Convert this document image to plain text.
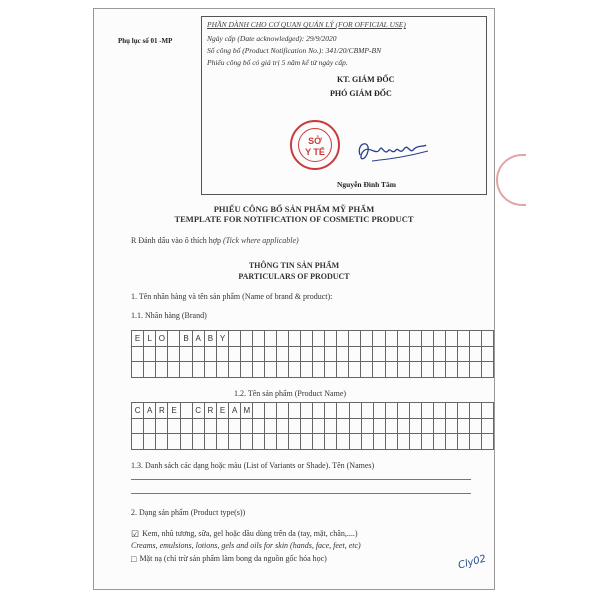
Phụ lục số 01 -MP
PHẦN DÀNH CHO CƠ QUAN QUẢN LÝ (FOR OFFICIAL USE)
Ngày cấp (Date acknowledged): 29/9/2020
Số công bố (Product Notification No.): 341/20/CBMP-BN
Phiếu công bố có giá trị 5 năm kể từ ngày cấp.
KT. GIÁM ĐỐC
PHÓ GIÁM ĐỐC
SỞ
Y TẾ
Nguyễn Đình Tâm
PHIẾU CÔNG BỐ SẢN PHẨM MỸ PHẨM
TEMPLATE FOR NOTIFICATION OF COSMETIC PRODUCT
R Đánh dấu vào ô thích hợp (Tick where applicable)
THÔNG TIN SẢN PHẨM
PARTICULARS OF PRODUCT
1. Tên nhãn hàng và tên sản phẩm (Name of brand & product):
1.1. Nhãn hàng (Brand)
E	L	O		B	A	B	Y																						

1.2. Tên sản phẩm (Product Name)
C	A	R	E		C	R	E	A	M																				

1.3. Danh sách các dạng hoặc màu (List of Variants or Shade). Tên (Names)
2. Dạng sản phẩm (Product type(s))
☑ Kem, nhũ tương, sữa, gel hoặc dầu dùng trên da (tay, mặt, chân,....)
Creams, emulsions, lotions, gels and oils for skin (hands, face, feet, etc)
□ Mặt nạ (chỉ trừ sản phẩm làm bong da nguồn gốc hóa học)	Cly02
